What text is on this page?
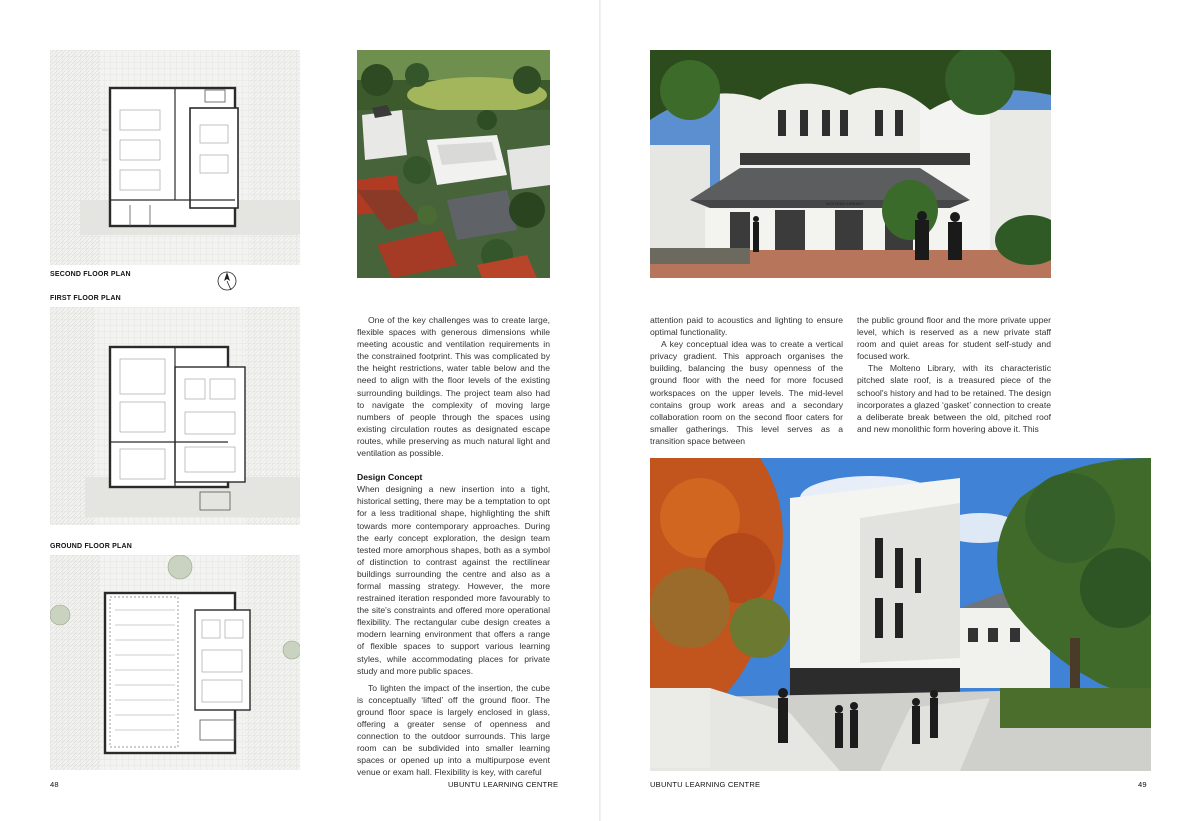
SECOND FLOOR PLAN
FIRST FLOOR PLAN
GROUND FLOOR PLAN

One of the key challenges was to create large, flexible spaces with generous dimensions while meeting acoustic and ventilation requirements in the constrained footprint. This was complicated by the height restrictions, water table below and the need to align with the floor levels of the existing surrounding buildings. The project team also had to navigate the complexity of moving large numbers of people through the spaces using existing circulation routes as designated escape routes, while preserving as much natural light and ventilation as possible.

Design Concept

When designing a new insertion into a tight, historical setting, there may be a temptation to opt for a less traditional shape, highlighting the shift towards more contemporary approaches. During the early concept exploration, the design team tested more amorphous shapes, both as a symbol of distinction to contrast against the rectilinear buildings surrounding the centre and also as a formal massing strategy. However, the more restrained iteration responded more favourably to the site's constraints and offered more operational flexibility. The rectangular cube design creates a modern learning environment that offers a range of flexible spaces to support various learning styles, while accommodating places for private study and more public spaces.

To lighten the impact of the insertion, the cube is conceptually ‘lifted’ off the ground floor. The ground floor space is largely enclosed in glass, offering a greater sense of openness and connection to the outdoor surrounds. This large room can be subdivided into smaller learning spaces or opened up into a multipurpose event venue or exam hall. Flexibility is key, with careful

48	UBUNTU LEARNING CENTRE
MOLTENO LIBRARY

attention paid to acoustics and lighting to ensure optimal functionality.

A key conceptual idea was to create a vertical privacy gradient. This approach organises the building, balancing the busy openness of the ground floor with the need for more focused workspaces on the upper levels. The mid-level contains group work areas and a secondary collaboration room on the second floor caters for smaller gatherings. This level serves as a transition space between

the public ground floor and the more private upper level, which is reserved as a new private staff room and quiet areas for student self-study and focused work.

The Molteno Library, with its characteristic pitched slate roof, is a treasured piece of the school's history and had to be retained. The design incorporates a glazed ‘gasket’ connection to create a deliberate break between the old, pitched roof and new monolithic form hovering above it. This

UBUNTU LEARNING CENTRE	49
